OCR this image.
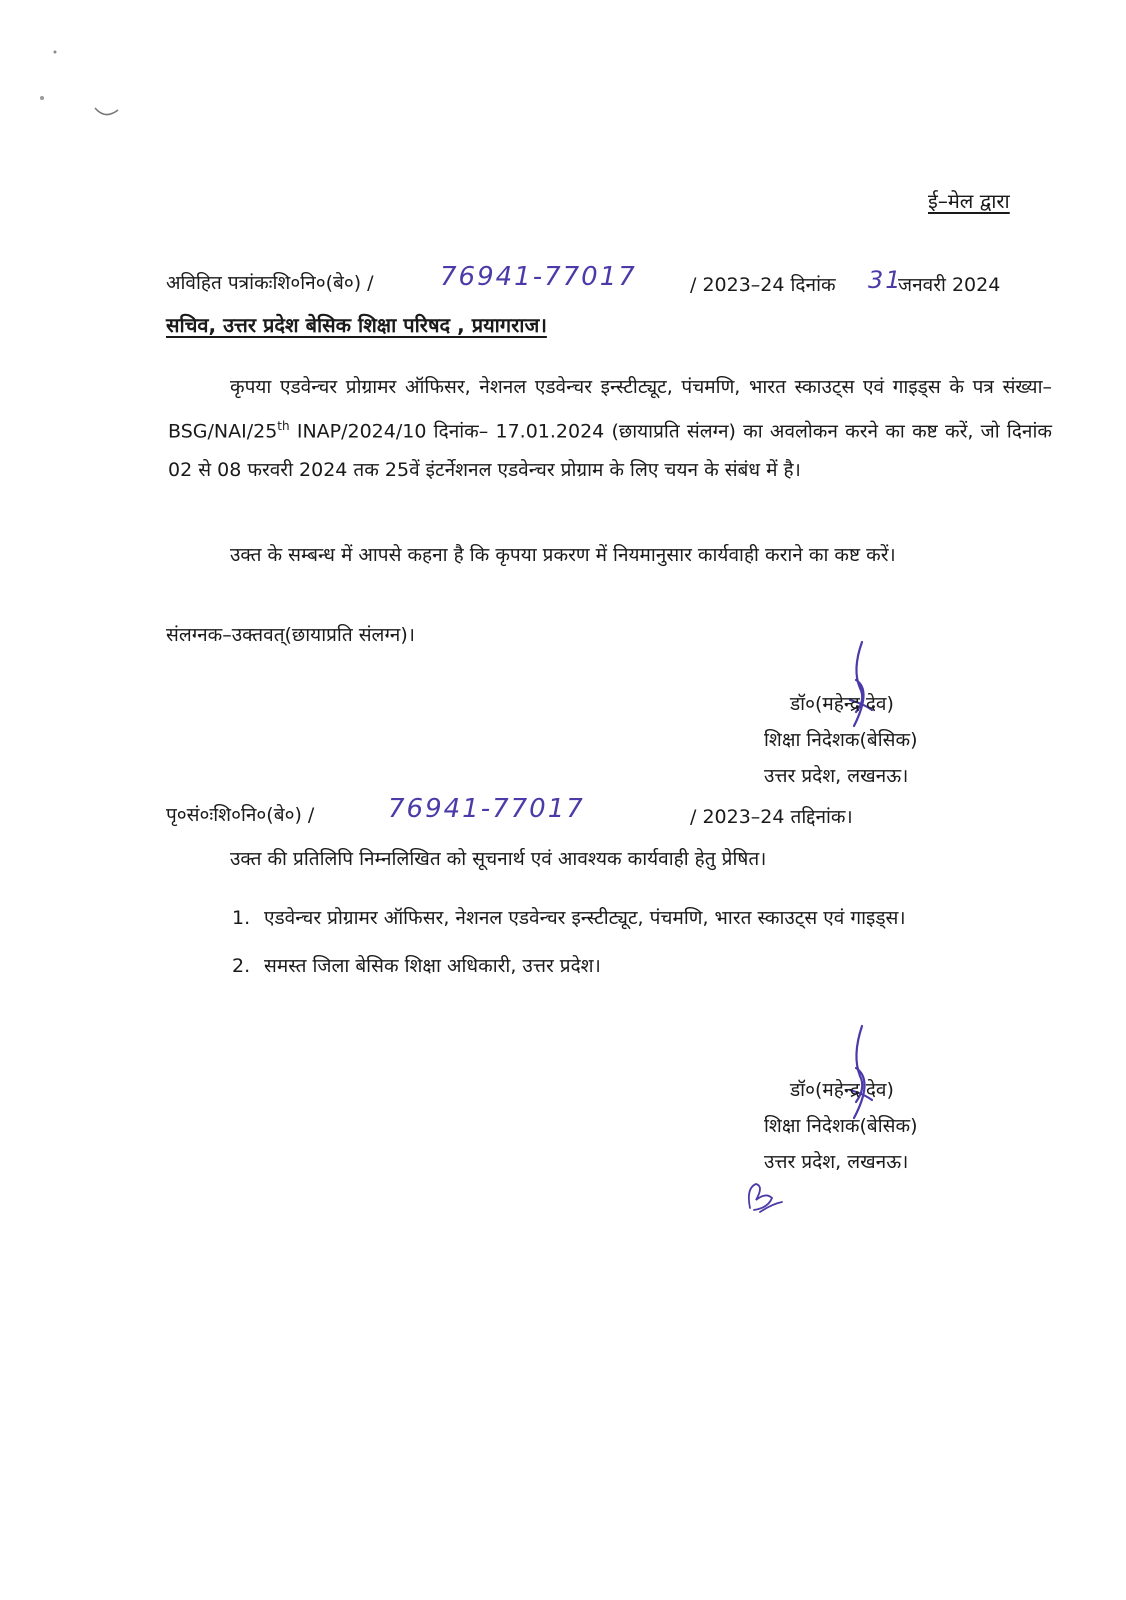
ई–मेल द्वारा
अविहित पत्रांकःशि०नि०(बे०) /	76941-77017	/ 2023–24 दिनांक 31
जनवरी 2024
सचिव, उत्तर प्रदेश बेसिक शिक्षा परिषद , प्रयागराज।
कृपया एडवेन्चर प्रोग्रामर ऑफिसर, नेशनल एडवेन्चर इन्स्टीट्यूट, पंचमणि, भारत स्काउट्स एवं गाइड्स के पत्र संख्या–BSG/NAI/25th INAP/2024/10 दिनांक– 17.01.2024 (छायाप्रति संलग्न) का अवलोकन करने का कष्ट करें, जो दिनांक 02 से 08 फरवरी 2024 तक 25वें इंटर्नेशनल एडवेन्चर प्रोग्राम के लिए चयन के संबंध में है।
उक्त के सम्बन्ध में आपसे कहना है कि कृपया प्रकरण में नियमानुसार कार्यवाही कराने का कष्ट करें।
संलग्नक–उक्तवत्(छायाप्रति संलग्न)।
डॉ०(महेन्द्र देव)
शिक्षा निदेशक(बेसिक)
उत्तर प्रदेश, लखनऊ।
पृ०सं०ःशि०नि०(बे०) /	76941-77017	/ 2023–24 तद्दिनांक।
उक्त की प्रतिलिपि निम्नलिखित को सूचनार्थ एवं आवश्यक कार्यवाही हेतु प्रेषित।
1. एडवेन्चर प्रोग्रामर ऑफिसर, नेशनल एडवेन्चर इन्स्टीट्यूट, पंचमणि, भारत स्काउट्स एवं गाइड्स।
2. समस्त जिला बेसिक शिक्षा अधिकारी, उत्तर प्रदेश।
डॉ०(महेन्द्र देव)
शिक्षा निदेशक(बेसिक)
उत्तर प्रदेश, लखनऊ।
